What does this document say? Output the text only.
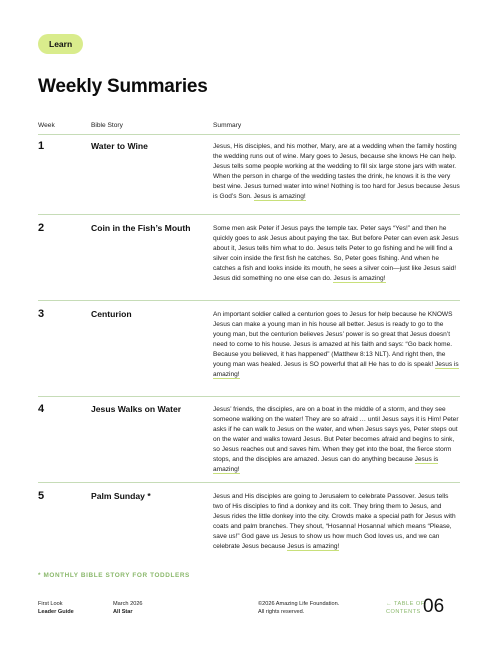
Learn
Weekly Summaries
Week	Bible Story	Summary
1	Water to Wine	Jesus, His disciples, and his mother, Mary, are at a wedding when the family hosting the wedding runs out of wine. Mary goes to Jesus, because she knows He can help. Jesus tells some people working at the wedding to fill six large stone jars with water. When the person in charge of the wedding tastes the drink, he knows it is the very best wine. Jesus turned water into wine! Nothing is too hard for Jesus because Jesus is God’s Son. Jesus is amazing!
2	Coin in the Fish’s Mouth	Some men ask Peter if Jesus pays the temple tax. Peter says “Yes!” and then he quickly goes to ask Jesus about paying the tax. But before Peter can even ask Jesus about it, Jesus tells him what to do. Jesus tells Peter to go fishing and he will find a silver coin inside the first fish he catches. So, Peter goes fishing. And when he catches a fish and looks inside its mouth, he sees a silver coin—just like Jesus said! Jesus did something no one else can do. Jesus is amazing!
3	Centurion	An important soldier called a centurion goes to Jesus for help because he KNOWS Jesus can make a young man in his house all better. Jesus is ready to go to the young man, but the centurion believes Jesus’ power is so great that Jesus doesn’t need to come to his house. Jesus is amazed at his faith and says: “Go back home. Because you believed, it has happened” (Matthew 8:13 NLT). And right then, the young man was healed. Jesus is SO powerful that all He has to do is speak! Jesus is amazing!
4	Jesus Walks on Water	Jesus’ friends, the disciples, are on a boat in the middle of a storm, and they see someone walking on the water! They are so afraid … until Jesus says it is Him! Peter asks if he can walk to Jesus on the water, and when Jesus says yes, Peter steps out on the water and walks toward Jesus. But Peter becomes afraid and begins to sink, so Jesus reaches out and saves him. When they get into the boat, the fierce storm stops, and the disciples are amazed. Jesus can do anything because Jesus is amazing!
5	Palm Sunday *	Jesus and His disciples are going to Jerusalem to celebrate Passover. Jesus tells two of His disciples to find a donkey and its colt. They bring them to Jesus, and Jesus rides the little donkey into the city. Crowds make a special path for Jesus with coats and palm branches. They shout, “Hosanna! Hosanna! which means “Please, save us!” God gave us Jesus to show us how much God loves us, and we can celebrate Jesus because Jesus is amazing!
* MONTHLY BIBLE STORY FOR TODDLERS
First Look
Leader Guide
March 2026
All Star
©2026 Amazing Life Foundation.
All rights reserved.
← TABLE OF
CONTENTS 06
